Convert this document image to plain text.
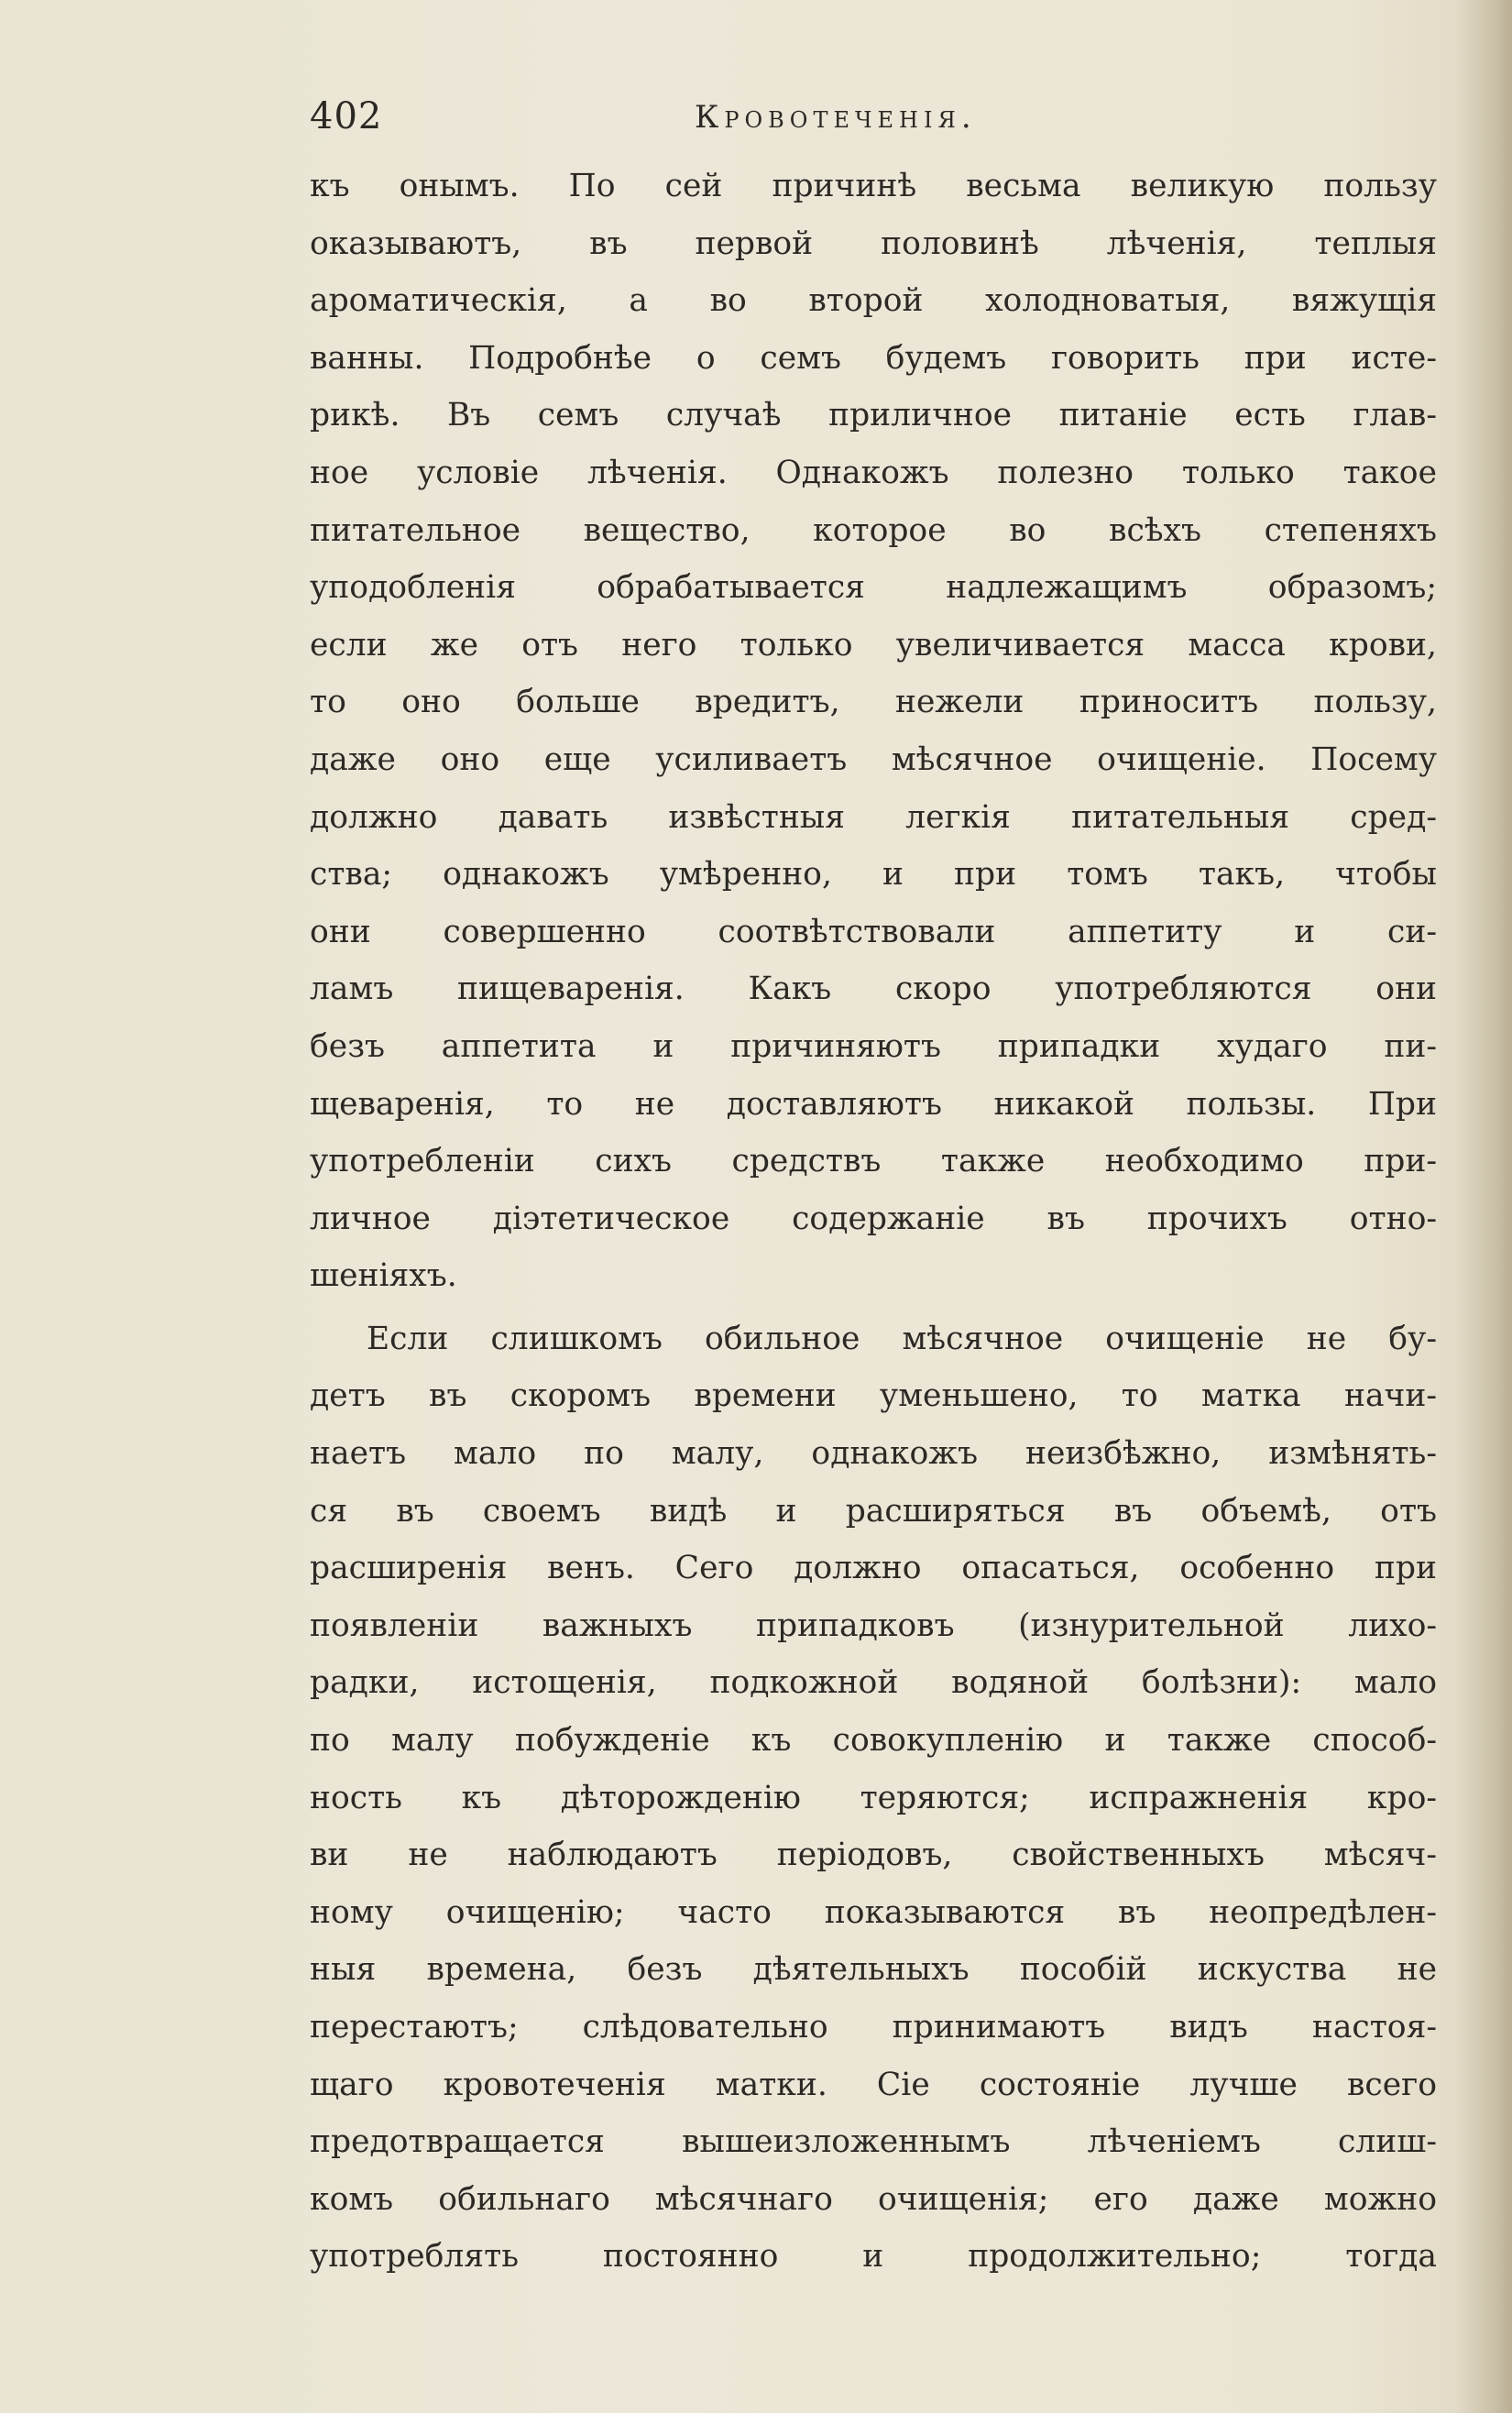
402	Кровотеченія.
къ онымъ. По сей причинѣ весьма великую пользу
оказываютъ, въ первой половинѣ лѣченія, теплыя
ароматическія, а во второй холодноватыя, вяжущія
ванны. Подробнѣе о семъ будемъ говорить при исте-
рикѣ. Въ семъ случаѣ приличное питаніе есть глав-
ное условіе лѣченія. Однакожъ полезно только такое
питательное вещество, которое во всѣхъ степеняхъ
уподобленія обрабатывается надлежащимъ образомъ;
если же отъ него только увеличивается масса крови,
то оно больше вредитъ, нежели приноситъ пользу,
даже оно еще усиливаетъ мѣсячное очищеніе. Посему
должно давать извѣстныя легкія питательныя сред-
ства; однакожъ умѣренно, и при томъ такъ, чтобы
они совершенно соотвѣтствовали аппетиту и си-
ламъ пищеваренія. Какъ скоро употребляются они
безъ аппетита и причиняютъ припадки худаго пи-
щеваренія, то не доставляютъ никакой пользы. При
употребленіи сихъ средствъ также необходимо при-
личное діэтетическое содержаніе въ прочихъ отно-
шеніяхъ.
Если слишкомъ обильное мѣсячное очищеніе не бу-
детъ въ скоромъ времени уменьшено, то матка начи-
наетъ мало по малу, однакожъ неизбѣжно, измѣнять-
ся въ своемъ видѣ и расширяться въ объемѣ, отъ
расширенія венъ. Сего должно опасаться, особенно при
появленіи важныхъ припадковъ (изнурительной лихо-
радки, истощенія, подкожной водяной болѣзни): мало
по малу побужденіе къ совокупленію и также способ-
ность къ дѣторожденію теряются; испражненія кро-
ви не наблюдаютъ періодовъ, свойственныхъ мѣсяч-
ному очищенію; часто показываются въ неопредѣлен-
ныя времена, безъ дѣятельныхъ пособій искуства не
перестаютъ; слѣдовательно принимаютъ видъ настоя-
щаго кровотеченія матки. Сіе состояніе лучше всего
предотвращается вышеизложеннымъ лѣченіемъ слиш-
комъ обильнаго мѣсячнаго очищенія; его даже можно
употреблять постоянно и продолжительно; тогда
